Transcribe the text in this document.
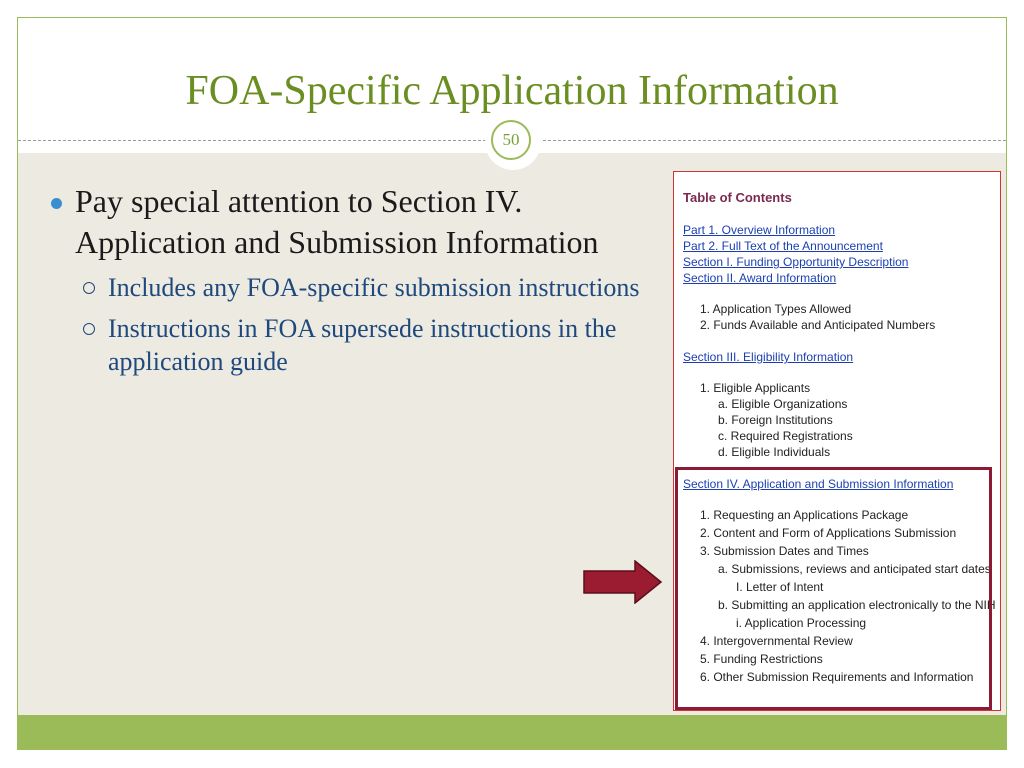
FOA-Specific Application Information
50
Pay special attention to Section IV. Application and Submission Information
Includes any FOA-specific submission instructions
Instructions in FOA supersede instructions in the application guide
Table of Contents
Part 1. Overview Information
Part 2. Full Text of the Announcement
Section I. Funding Opportunity Description
Section II. Award Information
1. Application Types Allowed
2. Funds Available and Anticipated Numbers
Section III. Eligibility Information
1. Eligible Applicants
a. Eligible Organizations
b. Foreign Institutions
c. Required Registrations
d. Eligible Individuals
Section IV. Application and Submission Information
1. Requesting an Applications Package
2. Content and Form of Applications Submission
3. Submission Dates and Times
a. Submissions, reviews and anticipated start dates
I. Letter of Intent
b. Submitting an application electronically to the NIH
i. Application Processing
4. Intergovernmental Review
5. Funding Restrictions
6. Other Submission Requirements and Information
